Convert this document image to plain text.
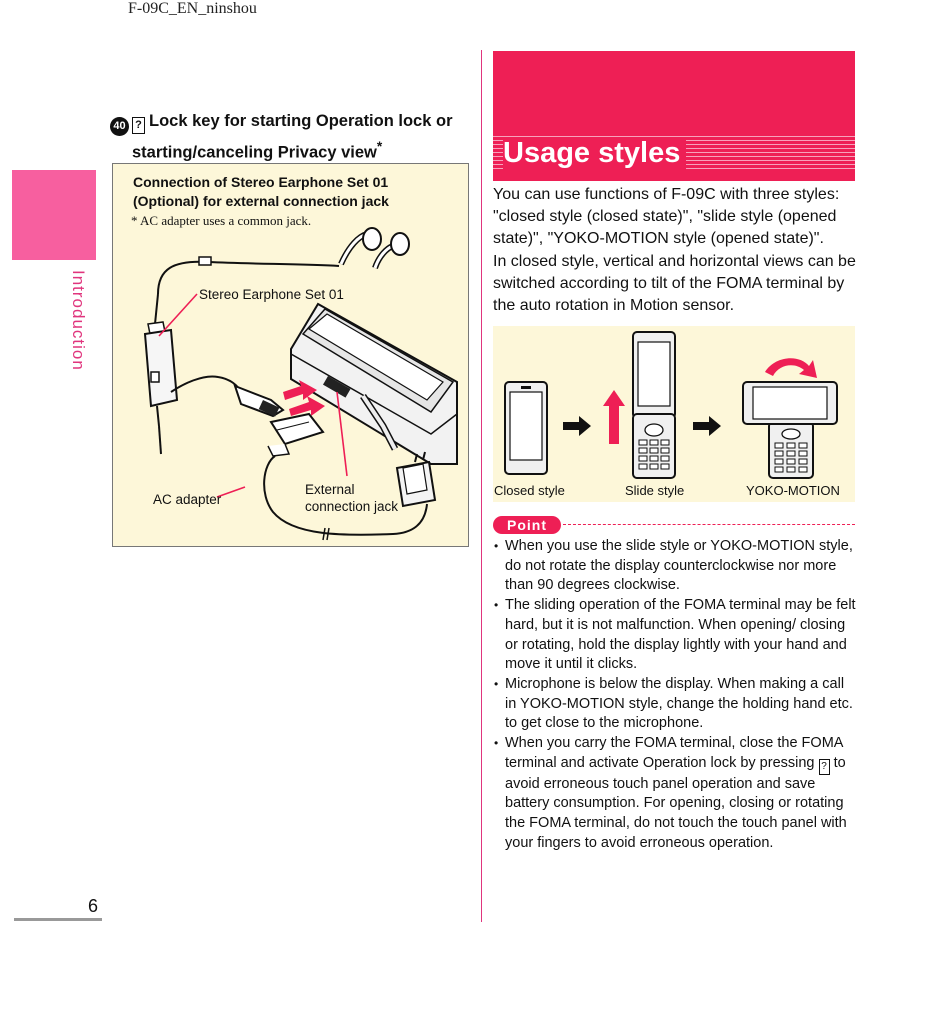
F-09C_EN_ninshou
Introduction
6
40 ? Lock key for starting Operation lock or
starting/canceling Privacy view*
Connection of Stereo Earphone Set 01 (Optional) for external connection jack
* AC adapter uses a common jack.
Stereo Earphone Set 01
AC adapter
External
connection jack
Usage styles

You can use functions of F-09C with three styles: "closed style (closed state)", "slide style (opened state)", "YOKO-MOTION style (opened state)".
In closed style, vertical and horizontal views can be switched according to tilt of the FOMA terminal by the auto rotation in Motion sensor.

Closed style	Slide style	YOKO-MOTION
Point
• When you use the slide style or YOKO-MOTION style, do not rotate the display counterclockwise nor more than 90 degrees clockwise.
• The sliding operation of the FOMA terminal may be felt hard, but it is not malfunction. When opening/ closing or rotating, hold the display lightly with your hand and move it until it clicks.
• Microphone is below the display. When making a call in YOKO-MOTION style, change the holding hand etc. to get close to the microphone.
• When you carry the FOMA terminal, close the FOMA terminal and activate Operation lock by pressing ? to avoid erroneous touch panel operation and save battery consumption. For opening, closing or rotating the FOMA terminal, do not touch the touch panel with your fingers to avoid erroneous operation.
